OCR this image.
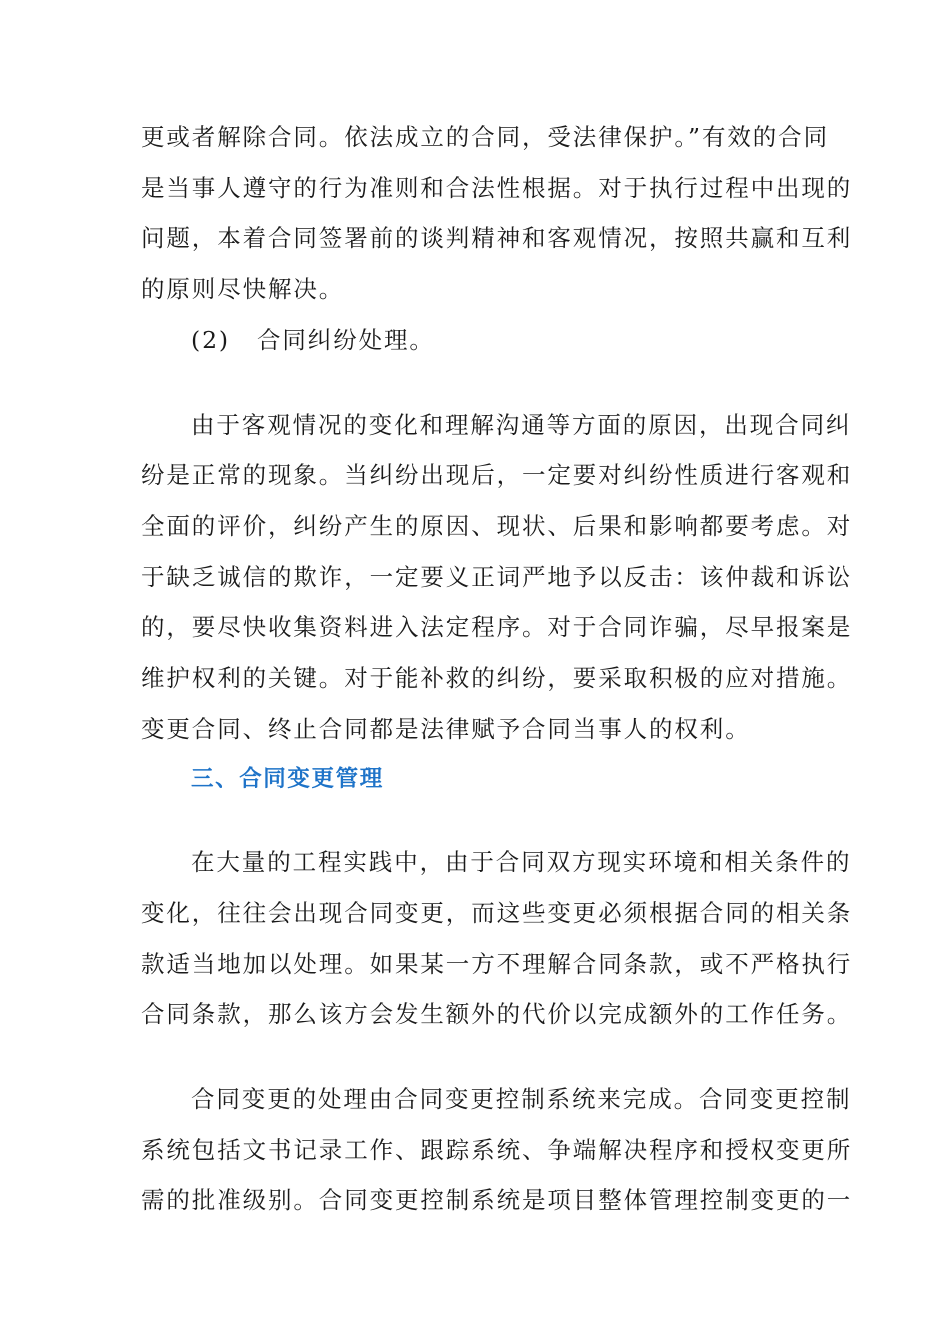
更或者解除合同。依法成立的合同，受法律保护。”有效的合同
是当事人遵守的行为准则和合法性根据。对于执行过程中出现的
问题，本着合同签署前的谈判精神和客观情况，按照共赢和互利
的原则尽快解决。

(2) 合同纠纷处理。

由于客观情况的变化和理解沟通等方面的原因，出现合同纠
纷是正常的现象。当纠纷出现后，一定要对纠纷性质进行客观和
全面的评价，纠纷产生的原因、现状、后果和影响都要考虑。对
于缺乏诚信的欺诈，一定要义正词严地予以反击：该仲裁和诉讼
的，要尽快收集资料进入法定程序。对于合同诈骗，尽早报案是
维护权利的关键。对于能补救的纠纷，要采取积极的应对措施。
变更合同、终止合同都是法律赋予合同当事人的权利。

三、合同变更管理

在大量的工程实践中，由于合同双方现实环境和相关条件的
变化，往往会出现合同变更，而这些变更必须根据合同的相关条
款适当地加以处理。如果某一方不理解合同条款，或不严格执行
合同条款，那么该方会发生额外的代价以完成额外的工作任务。

合同变更的处理由合同变更控制系统来完成。合同变更控制
系统包括文书记录工作、跟踪系统、争端解决程序和授权变更所
需的批准级别。合同变更控制系统是项目整体管理控制变更的一
